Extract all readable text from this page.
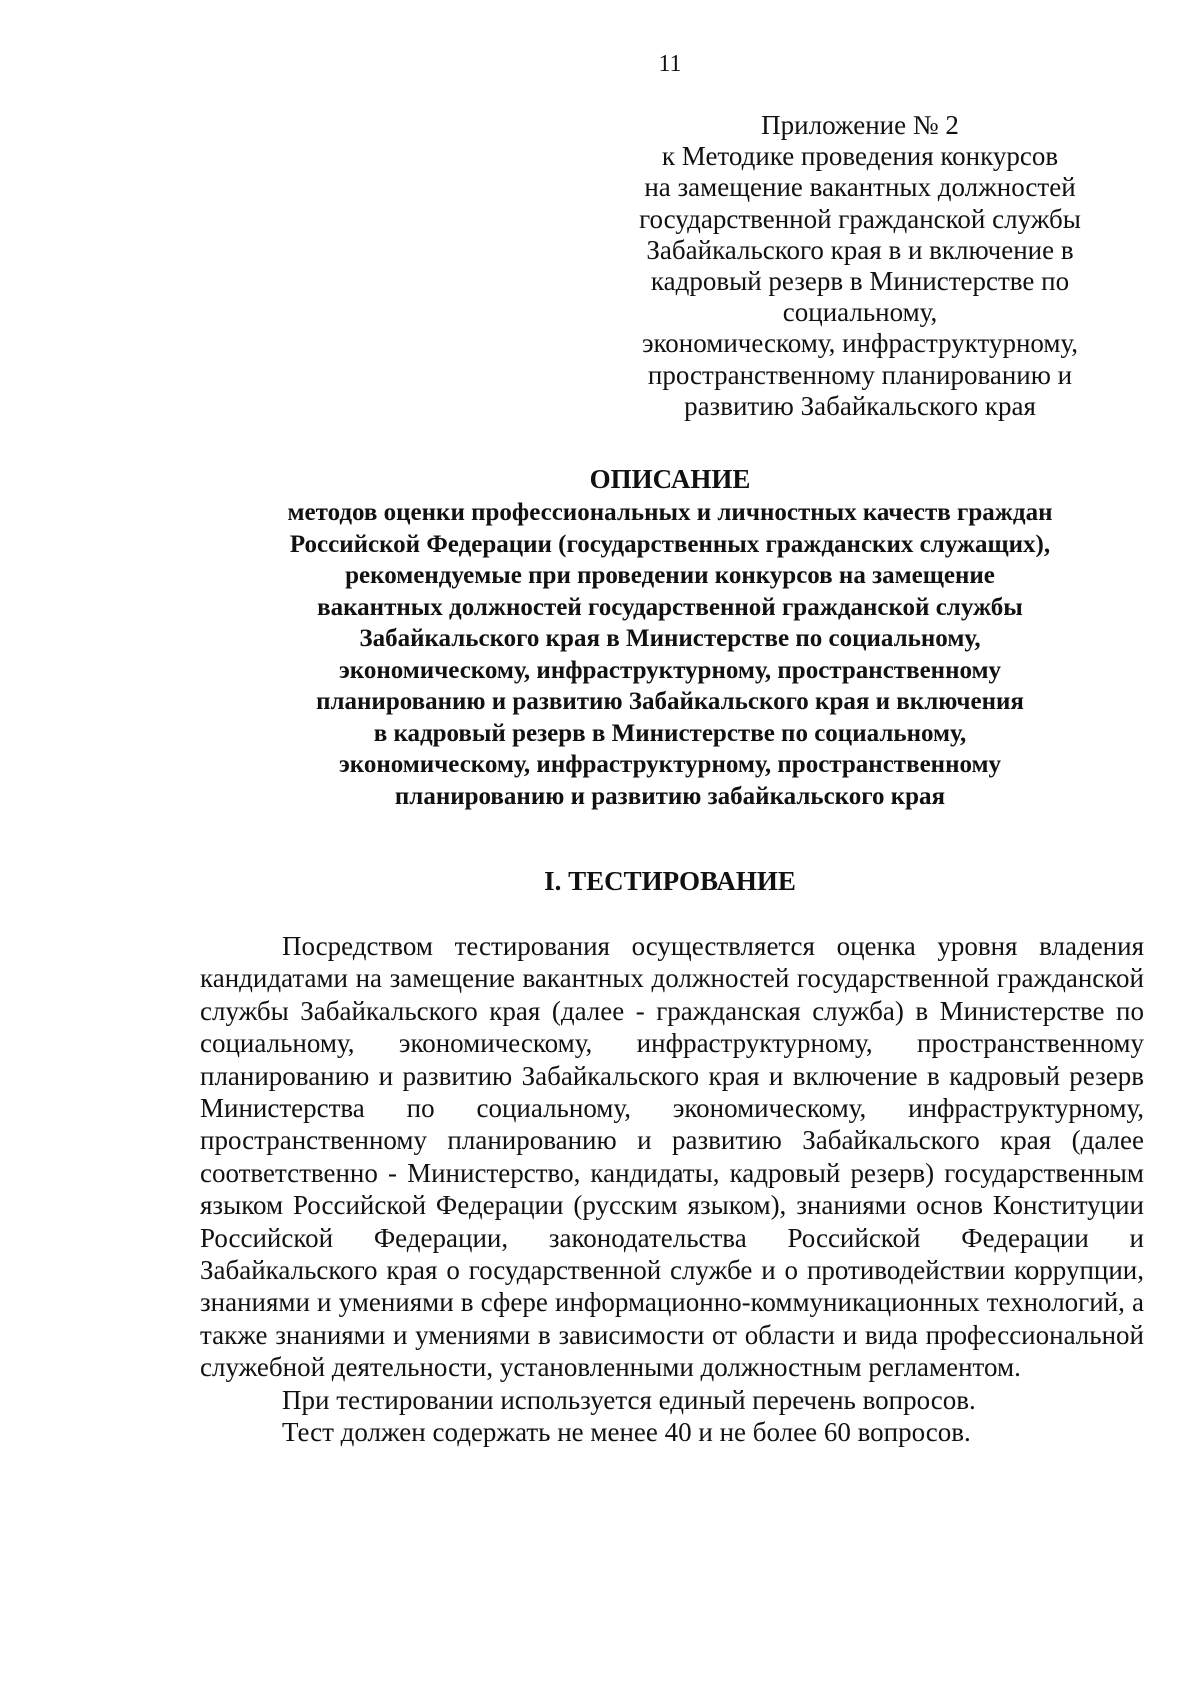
11
Приложение № 2
к Методике проведения конкурсов
на замещение вакантных должностей
государственной гражданской службы
Забайкальского края в и включение в
кадровый резерв в Министерстве по
социальному,
экономическому, инфраструктурному,
пространственному планированию и
развитию Забайкальского края
ОПИСАНИЕ
методов оценки профессиональных и личностных качеств граждан
Российской Федерации (государственных гражданских служащих),
рекомендуемые при проведении конкурсов на замещение
вакантных должностей государственной гражданской службы
Забайкальского края в Министерстве по социальному,
экономическому, инфраструктурному, пространственному
планированию и развитию Забайкальского края и включения
в кадровый резерв в Министерстве по социальному,
экономическому, инфраструктурному, пространственному
планированию и развитию забайкальского края
I. ТЕСТИРОВАНИЕ

Посредством тестирования осуществляется оценка уровня владения кандидатами на замещение вакантных должностей государственной гражданской службы Забайкальского края (далее - гражданская служба) в Министерстве по социальному, экономическому, инфраструктурному, пространственному планированию и развитию Забайкальского края и включение в кадровый резерв Министерства по социальному, экономическому, инфраструктурному, пространственному планированию и развитию Забайкальского края (далее соответственно - Министерство, кандидаты, кадровый резерв) государственным языком Российской Федерации (русским языком), знаниями основ Конституции Российской Федерации, законодательства Российской Федерации и Забайкальского края о государственной службе и о противодействии коррупции, знаниями и умениями в сфере информационно-коммуникационных технологий, а также знаниями и умениями в зависимости от области и вида профессиональной служебной деятельности, установленными должностным регламентом.

При тестировании используется единый перечень вопросов.

Тест должен содержать не менее 40 и не более 60 вопросов.
